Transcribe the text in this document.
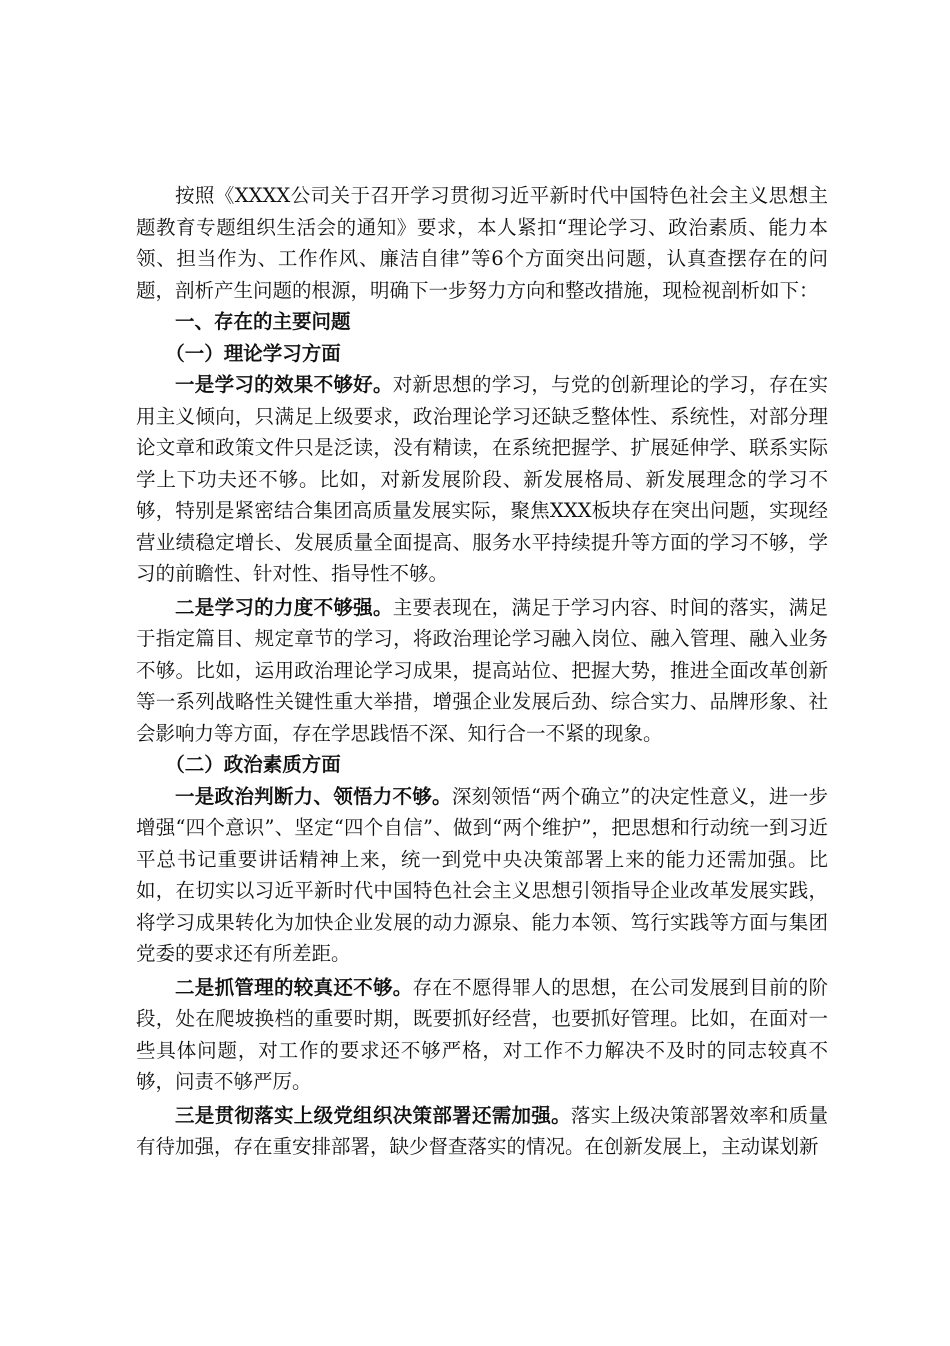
按照《XXXX公司关于召开学习贯彻习近平新时代中国特色社会主义思想主题教育专题组织生活会的通知》要求，本人紧扣“理论学习、政治素质、能力本领、担当作为、工作作风、廉洁自律”等6个方面突出问题，认真查摆存在的问题，剖析产生问题的根源，明确下一步努力方向和整改措施，现检视剖析如下：

一、存在的主要问题

（一）理论学习方面

一是学习的效果不够好。对新思想的学习，与党的创新理论的学习，存在实用主义倾向，只满足上级要求，政治理论学习还缺乏整体性、系统性，对部分理论文章和政策文件只是泛读，没有精读，在系统把握学、扩展延伸学、联系实际学上下功夫还不够。比如，对新发展阶段、新发展格局、新发展理念的学习不够，特别是紧密结合集团高质量发展实际，聚焦XXX板块存在突出问题，实现经营业绩稳定增长、发展质量全面提高、服务水平持续提升等方面的学习不够，学习的前瞻性、针对性、指导性不够。

二是学习的力度不够强。主要表现在，满足于学习内容、时间的落实，满足于指定篇目、规定章节的学习，将政治理论学习融入岗位、融入管理、融入业务不够。比如，运用政治理论学习成果，提高站位、把握大势，推进全面改革创新等一系列战略性关键性重大举措，增强企业发展后劲、综合实力、品牌形象、社会影响力等方面，存在学思践悟不深、知行合一不紧的现象。

（二）政治素质方面

一是政治判断力、领悟力不够。深刻领悟“两个确立”的决定性意义，进一步增强“四个意识”、坚定“四个自信”、做到“两个维护”，把思想和行动统一到习近平总书记重要讲话精神上来，统一到党中央决策部署上来的能力还需加强。比如，在切实以习近平新时代中国特色社会主义思想引领指导企业改革发展实践，将学习成果转化为加快企业发展的动力源泉、能力本领、笃行实践等方面与集团党委的要求还有所差距。

二是抓管理的较真还不够。存在不愿得罪人的思想，在公司发展到目前的阶段，处在爬坡换档的重要时期，既要抓好经营，也要抓好管理。比如，在面对一些具体问题，对工作的要求还不够严格，对工作不力解决不及时的同志较真不够，问责不够严厉。

三是贯彻落实上级党组织决策部署还需加强。落实上级决策部署效率和质量有待加强，存在重安排部署，缺少督查落实的情况。在创新发展上，主动谋划新
